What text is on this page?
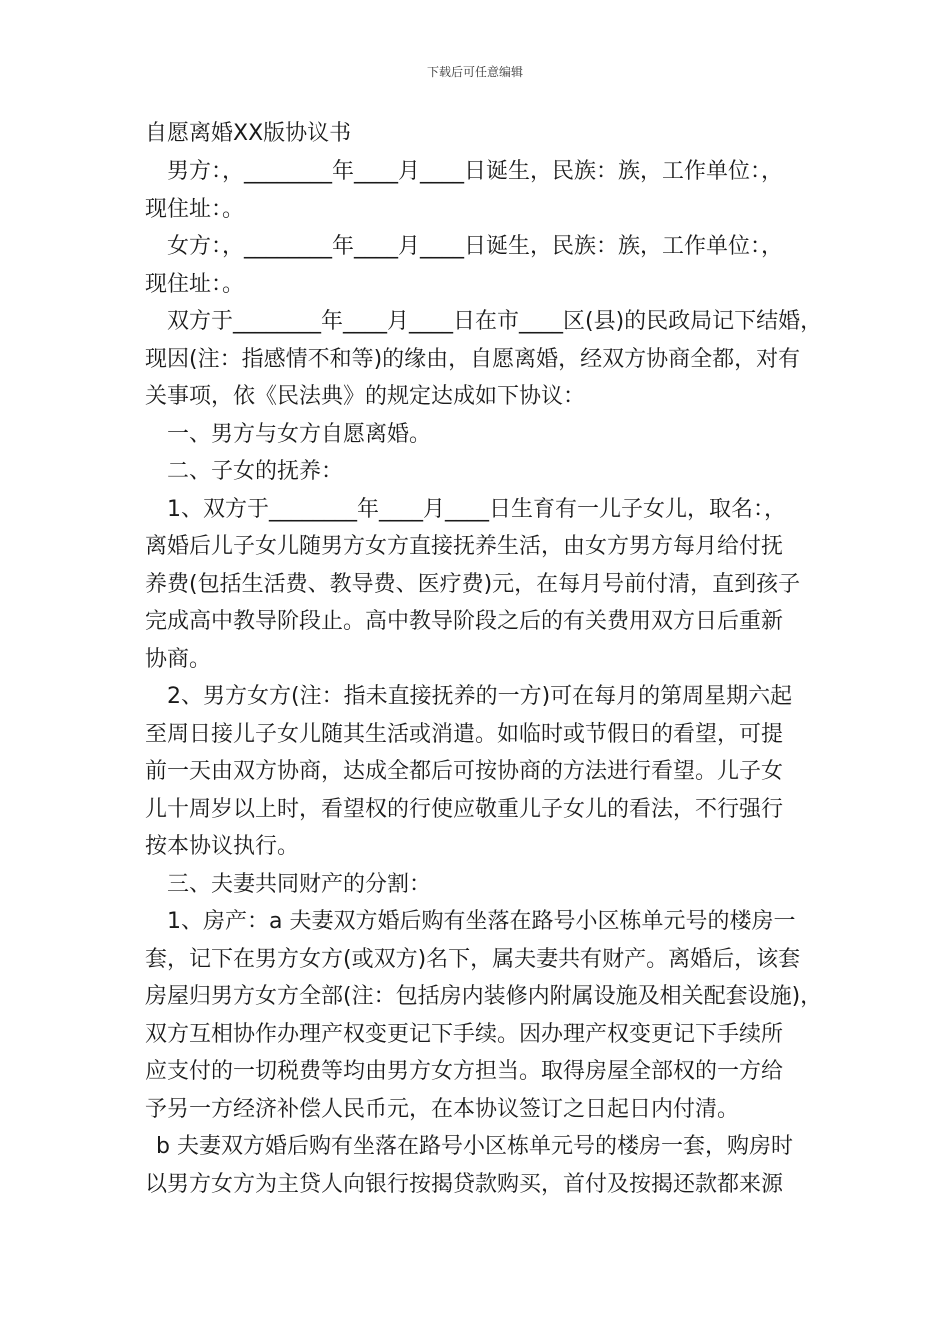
下载后可任意编辑
自愿离婚XX版协议书

男方：，________年____月____日诞生，民族：族，工作单位：，

现住址：。

女方：，________年____月____日诞生，民族：族，工作单位：，

现住址：。

双方于________年____月____日在市____区(县)的民政局记下结婚，

现因(注：指感情不和等)的缘由，自愿离婚，经双方协商全都，对有

关事项，依《民法典》的规定达成如下协议：

一、男方与女方自愿离婚。

二、子女的抚养：

1、双方于________年____月____日生育有一儿子女儿，取名：，

离婚后儿子女儿随男方女方直接抚养生活，由女方男方每月给付抚

养费(包括生活费、教导费、医疗费)元，在每月号前付清，直到孩子

完成高中教导阶段止。高中教导阶段之后的有关费用双方日后重新

协商。

2、男方女方(注：指未直接抚养的一方)可在每月的第周星期六起

至周日接儿子女儿随其生活或消遣。如临时或节假日的看望，可提

前一天由双方协商，达成全都后可按协商的方法进行看望。儿子女

儿十周岁以上时，看望权的行使应敬重儿子女儿的看法，不行强行

按本协议执行。

三、夫妻共同财产的分割：

1、房产：a 夫妻双方婚后购有坐落在路号小区栋单元号的楼房一

套，记下在男方女方(或双方)名下，属夫妻共有财产。离婚后，该套

房屋归男方女方全部(注：包括房内装修内附属设施及相关配套设施)，

双方互相协作办理产权变更记下手续。因办理产权变更记下手续所

应支付的一切税费等均由男方女方担当。取得房屋全部权的一方给

予另一方经济补偿人民币元，在本协议签订之日起日内付清。

b 夫妻双方婚后购有坐落在路号小区栋单元号的楼房一套，购房时

以男方女方为主贷人向银行按揭贷款购买，首付及按揭还款都来源
